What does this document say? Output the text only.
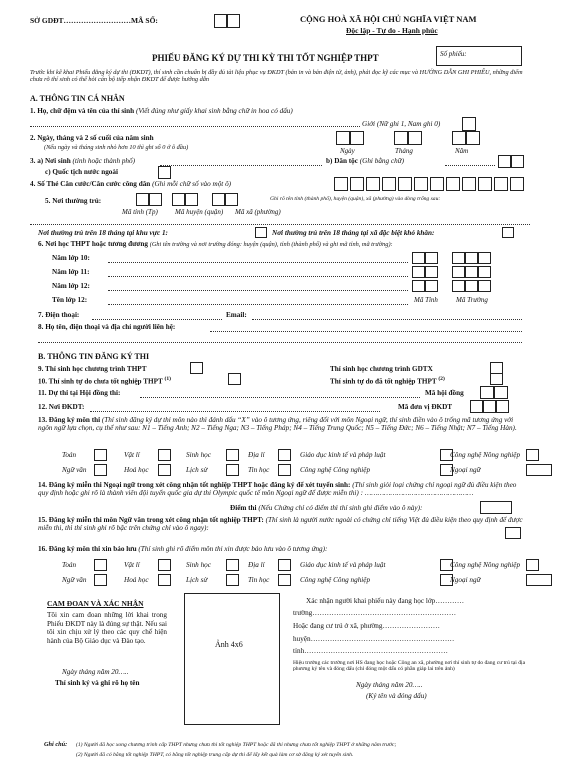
SỞ GDĐT………………………MÃ SỐ:	CỘNG HOÀ XÃ HỘI CHỦ NGHĨA VIỆT NAM
Độc lập - Tự do - Hạnh phúc
PHIẾU ĐĂNG KÝ DỰ THI KỲ THI TỐT NGHIỆP THPT	Số phiếu:
Trước khi kê khai Phiếu đăng ký dự thi (ĐKDT), thí sinh cần chuẩn bị đầy đủ tài liệu phục vụ ĐKDT (bản in và bản điện tử, ảnh), phải đọc kỹ các mục và HƯỚNG DẪN GHI PHIẾU, những điểm chưa rõ thí sinh có thể hỏi cán bộ tiếp nhận ĐKDT để được hướng dẫn
A. THÔNG TIN CÁ NHÂN
1. Họ, chữ đệm và tên của thí sinh (Viết đúng như giấy khai sinh bằng chữ in hoa có dấu)
Giới (Nữ ghi 1, Nam ghi 0)
2. Ngày, tháng và 2 số cuối của năm sinh
(Nếu ngày và tháng sinh nhỏ hơn 10 thì ghi số 0 ở ô đầu)	Ngày	Tháng	Năm
3. a) Nơi sinh (tỉnh hoặc thành phố)	b) Dân tộc (Ghi bằng chữ)
c) Quốc tịch nước ngoài
4. Số Thẻ Căn cước/Căn cước công dân (Ghi mỗi chữ số vào một ô)
5. Nơi thường trú:	Ghi rõ tên tỉnh (thành phố), huyện (quận), xã (phường) vào dòng trống sau:
Mã tỉnh (Tp) Mã huyện (quận) Mã xã (phường)
Nơi thường trú trên 18 tháng tại khu vực 1:	Nơi thường trú trên 18 tháng tại xã đặc biệt khó khăn:
6. Nơi học THPT hoặc tương đương (Ghi tên trường và nơi trường đóng: huyện (quận), tỉnh (thành phố) và ghi mã tỉnh, mã trường):
Năm lớp 10:
Năm lớp 11:
Năm lớp 12:
Tên lớp 12:	Mã Tỉnh	Mã Trường
7. Điện thoại:	Email:
8. Họ tên, điện thoại và địa chỉ người liên hệ:
B. THÔNG TIN ĐĂNG KÝ THI
9. Thí sinh học chương trình THPT	Thí sinh học chương trình GDTX
10. Thí sinh tự do chưa tốt nghiệp THPT $^{(1)}$	Thí sinh tự do đã tốt nghiệp THPT $^{(2)}$
11. Dự thi tại Hội đồng thi:	Mã hội đồng
12. Nơi ĐKDT:	Mã đơn vị ĐKDT
13. Đăng ký môn thi (Thí sinh đăng ký dự thi môn nào thì đánh dấu “X” vào ô tương ứng, riêng đối với môn Ngoại ngữ, thí sinh điền vào ô trống mã tương ứng với ngôn ngữ lựa chọn, cụ thể như sau: N1 – Tiếng Anh; N2 – Tiếng Nga; N3 – Tiếng Pháp; N4 – Tiếng Trung Quốc; N5 – Tiếng Đức; N6 – Tiếng Nhật; N7 – Tiếng Hàn).
Toán	Vật lí	Sinh học	Địa lí	Giáo dục kinh tế và pháp luật	Công nghệ Nông nghiệp
Ngữ văn	Hoá học	Lịch sử	Tin học	Công nghệ Công nghiệp	Ngoại ngữ
14. Đăng ký miễn thi Ngoại ngữ trong xét công nhận tốt nghiệp THPT hoặc đăng ký để xét tuyển sinh: (Thí sinh giỏi loại chứng chỉ ngoại ngữ đủ điều kiện theo quy định hoặc ghi rõ là thành viên đội tuyển quốc gia dự thi Olympic quốc tế môn Ngoại ngữ để được miễn thi) : ……………………………………………
Điểm thi (Nếu Chứng chỉ có điểm thì thí sinh ghi điểm vào ô này):
15. Đăng ký miễn thi môn Ngữ văn trong xét công nhận tốt nghiệp THPT: (Thí sinh là người nước ngoài có chứng chỉ tiếng Việt đủ điều kiện theo quy định để được miễn thi, thì thí sinh ghi rõ bậc trên chứng chỉ vào ô ngay):
16. Đăng ký môn thi xin bảo lưu (Thí sinh ghi rõ điểm môn thi xin được bảo lưu vào ô tương ứng):
Toán	Vật lí	Sinh học	Địa lí	Giáo dục kinh tế và pháp luật	Công nghệ Nông nghiệp
Ngữ văn	Hoá học	Lịch sử	Tin học	Công nghệ Công nghiệp	Ngoại ngữ
CAM ĐOAN VÀ XÁC NHẬN
Tôi xin cam đoan những lời khai trong Phiếu ĐKDT này là đúng sự thật. Nếu sai tôi xin chịu xử lý theo các quy chế hiện hành của Bộ Giáo dục và Đào tạo.
Ngày tháng năm 20…..
Thí sinh ký và ghi rõ họ tên
Ảnh 4x6
Xác nhận người khai phiếu này đang học lớp…………
trường……………………………………………………
Hoặc đang cư trú ở xã, phường……………………
huyện……………………………………………………
tỉnh……………………………………………………
Hiệu trưởng các trường nơi HS đang học hoặc Công an xã, phường nơi thí sinh tự do đang cư trú tại địa phương ký tên và đóng dấu (chỉ đóng một dấu có phần giáp lai trên ảnh)
Ngày tháng năm 20…..
(Ký tên và đóng dấu)
Ghi chú: (1) Người đã học xong chương trình cấp THPT nhưng chưa thi tốt nghiệp THPT hoặc đã thi nhưng chưa tốt nghiệp THPT ở những năm trước;
(2) Người đã có bằng tốt nghiệp THPT, có bằng tốt nghiệp trung cấp dự thi để lấy kết quả làm cơ sở đăng ký xét tuyển sinh.
